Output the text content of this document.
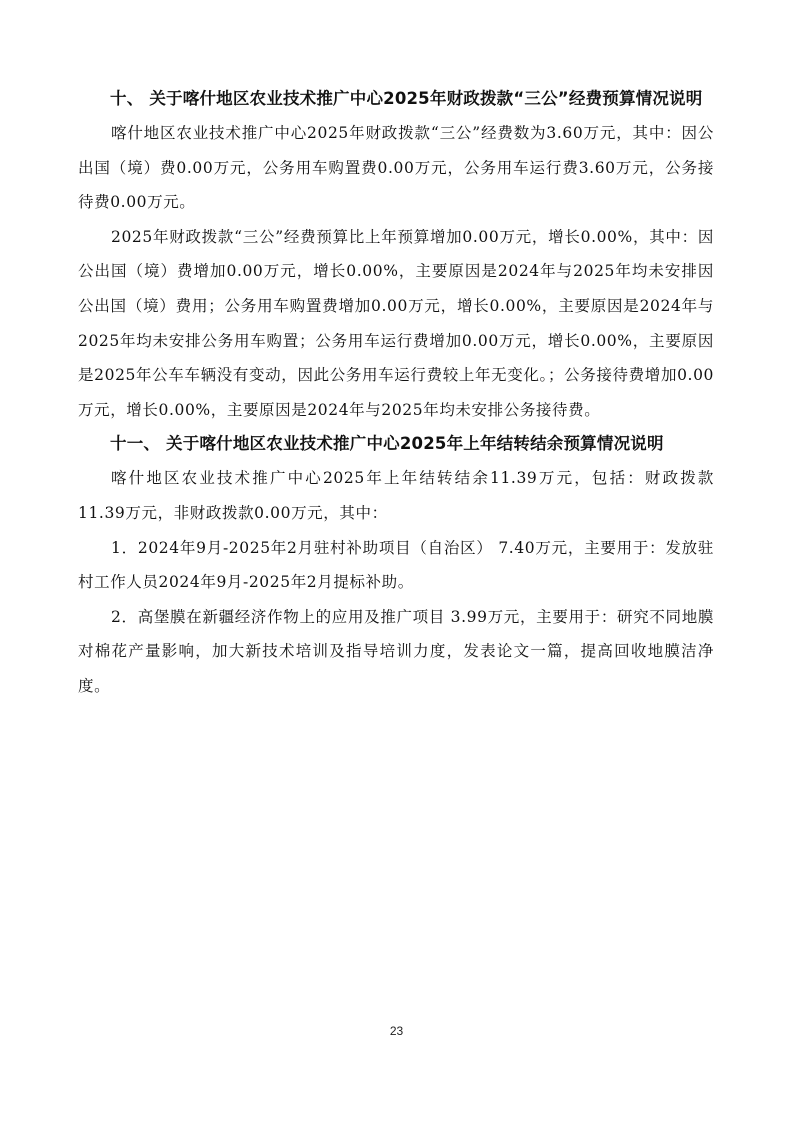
十、 关于喀什地区农业技术推广中心2025年财政拨款“三公”经费预算情况说明

喀什地区农业技术推广中心2025年财政拨款“三公”经费数为3.60万元，其中：因公出国（境）费0.00万元，公务用车购置费0.00万元，公务用车运行费3.60万元，公务接待费0.00万元。

2025年财政拨款“三公”经费预算比上年预算增加0.00万元，增长0.00%，其中：因公出国（境）费增加0.00万元，增长0.00%，主要原因是2024年与2025年均未安排因公出国（境）费用；公务用车购置费增加0.00万元，增长0.00%，主要原因是2024年与2025年均未安排公务用车购置；公务用车运行费增加0.00万元，增长0.00%，主要原因是2025年公车车辆没有变动，因此公务用车运行费较上年无变化。；公务接待费增加0.00万元，增长0.00%，主要原因是2024年与2025年均未安排公务接待费。

十一、 关于喀什地区农业技术推广中心2025年上年结转结余预算情况说明

喀什地区农业技术推广中心2025年上年结转结余11.39万元，包括：财政拨款11.39万元，非财政拨款0.00万元，其中：

1．2024年9月-2025年2月驻村补助项目（自治区） 7.40万元，主要用于：发放驻村工作人员2024年9月-2025年2月提标补助。

2．高堡膜在新疆经济作物上的应用及推广项目 3.99万元，主要用于：研究不同地膜对棉花产量影响，加大新技术培训及指导培训力度，发表论文一篇，提高回收地膜洁净度。

23
